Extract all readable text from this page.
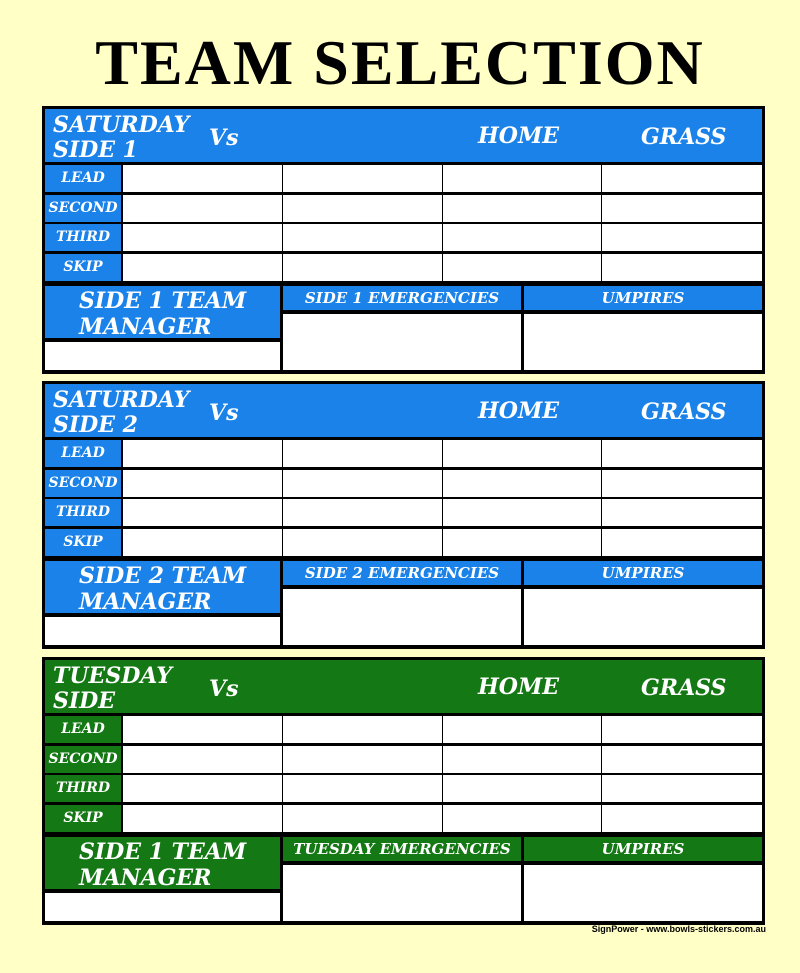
TEAM SELECTION
SATURDAY
SIDE 1	Vs	HOME	GRASS
LEAD
SECOND
THIRD
SKIP
SIDE 1 TEAM
MANAGER
SIDE 1 EMERGENCIES	UMPIRES
SATURDAY
SIDE 2	Vs	HOME	GRASS
LEAD
SECOND
THIRD
SKIP
SIDE 2 TEAM
MANAGER
SIDE 2 EMERGENCIES	UMPIRES
TUESDAY
SIDE	Vs	HOME	GRASS
LEAD
SECOND
THIRD
SKIP
SIDE 1 TEAM
MANAGER
TUESDAY EMERGENCIES	UMPIRES
SignPower - www.bowls-stickers.com.au
